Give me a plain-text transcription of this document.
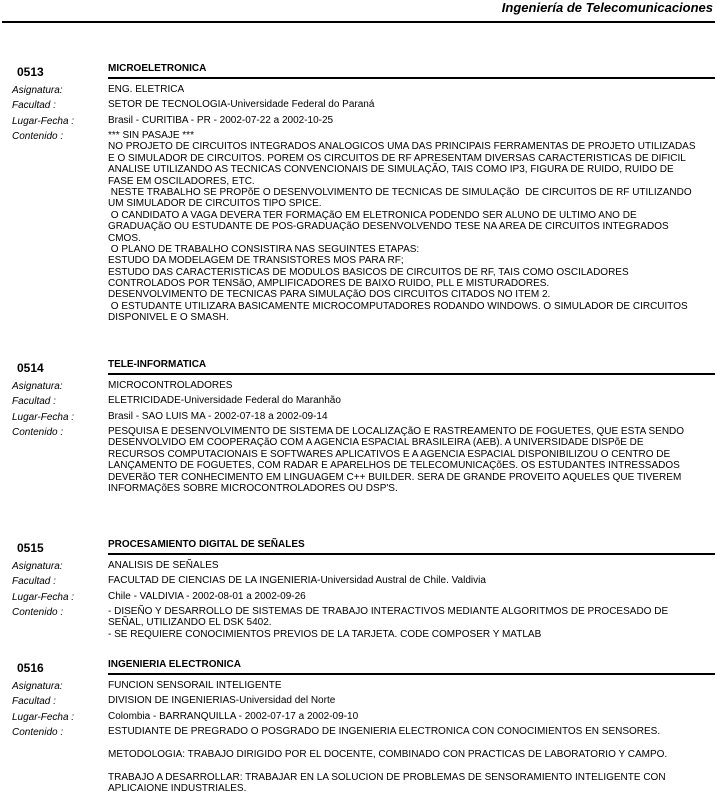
Ingeniería de Telecomunicaciones
0513	MICROELETRONICA
Asignatura:	ENG. ELETRICA
Facultad :	SETOR DE TECNOLOGIA-Universidade Federal do Paraná
Lugar-Fecha :	Brasil - CURITIBA - PR - 2002-07-22 a 2002-10-25
Contenido :	*** SIN PASAJE ***
NO PROJETO DE CIRCUITOS INTEGRADOS ANALOGICOS UMA DAS PRINCIPAIS FERRAMENTAS DE PROJETO UTILIZADAS
E O SIMULADOR DE CIRCUITOS. POREM OS CIRCUITOS DE RF APRESENTAM DIVERSAS CARACTERISTICAS DE DIFICIL
ANALISE UTILIZANDO AS TECNICAS CONVENCIONAIS DE SIMULAÇÃO, TAIS COMO IP3, FIGURA DE RUIDO, RUIDO DE
FASE EM OSCILADORES, ETC.
NESTE TRABALHO SE PROPõE O DESENVOLVIMENTO DE TECNICAS DE SIMULAÇãO  DE CIRCUITOS DE RF UTILIZANDO
UM SIMULADOR DE CIRCUITOS TIPO SPICE.
O CANDIDATO A VAGA DEVERA TER FORMAÇãO EM ELETRONICA PODENDO SER ALUNO DE ULTIMO ANO DE
GRADUAÇãO OU ESTUDANTE DE POS-GRADUAÇãO DESENVOLVENDO TESE NA AREA DE CIRCUITOS INTEGRADOS
CMOS.
O PLANO DE TRABALHO CONSISTIRA NAS SEGUINTES ETAPAS:
ESTUDO DA MODELAGEM DE TRANSISTORES MOS PARA RF;
ESTUDO DAS CARACTERISTICAS DE MODULOS BASICOS DE CIRCUITOS DE RF, TAIS COMO OSCILADORES
CONTROLADOS POR TENSãO, AMPLIFICADORES DE BAIXO RUIDO, PLL E MISTURADORES.
DESENVOLVIMENTO DE TECNICAS PARA SIMULAÇãO DOS CIRCUITOS CITADOS NO ITEM 2.
O ESTUDANTE UTILIZARA BASICAMENTE MICROCOMPUTADORES RODANDO WINDOWS. O SIMULADOR DE CIRCUITOS
DISPONIVEL E O SMASH.
0514	TELE-INFORMATICA
Asignatura:	MICROCONTROLADORES
Facultad :	ELETRICIDADE-Universidade Federal do Maranhão
Lugar-Fecha :	Brasil - SAO LUIS MA - 2002-07-18 a 2002-09-14
Contenido :	PESQUISA E DESENVOLVIMENTO DE SISTEMA DE LOCALIZAÇãO E RASTREAMENTO DE FOGUETES, QUE ESTA SENDO
DESENVOLVIDO EM COOPERAÇãO COM A AGENCIA ESPACIAL BRASILEIRA (AEB). A UNIVERSIDADE DISPõE DE
RECURSOS COMPUTACIONAIS E SOFTWARES APLICATIVOS E A AGENCIA ESPACIAL DISPONIBILIZOU O CENTRO DE
LANÇAMENTO DE FOGUETES, COM RADAR E APARELHOS DE TELECOMUNICAÇõES. OS ESTUDANTES INTRESSADOS
DEVERãO TER CONHECIMENTO EM LINGUAGEM C++ BUILDER. SERA DE GRANDE PROVEITO AQUELES QUE TIVEREM
INFORMAÇõES SOBRE MICROCONTROLADORES OU DSP'S.
0515	PROCESAMIENTO DIGITAL DE SEÑALES
Asignatura:	ANALISIS DE SEÑALES
Facultad :	FACULTAD DE CIENCIAS DE LA INGENIERIA-Universidad Austral de Chile. Valdivia
Lugar-Fecha :	Chile - VALDIVIA - 2002-08-01 a 2002-09-26
Contenido :	- DISEÑO Y DESARROLLO DE SISTEMAS DE TRABAJO INTERACTIVOS MEDIANTE ALGORITMOS DE PROCESADO DE
SEÑAL, UTILIZANDO EL DSK 5402.
- SE REQUIERE CONOCIMIENTOS PREVIOS DE LA TARJETA. CODE COMPOSER Y MATLAB
0516	INGENIERIA ELECTRONICA
Asignatura:	FUNCION SENSORAIL INTELIGENTE
Facultad :	DIVISION DE INGENIERIAS-Universidad del Norte
Lugar-Fecha :	Colombia - BARRANQUILLA - 2002-07-17 a 2002-09-10
Contenido :	ESTUDIANTE DE PREGRADO O POSGRADO DE INGENIERIA ELECTRONICA CON CONOCIMIENTOS EN SENSORES.
METODOLOGIA: TRABAJO DIRIGIDO POR EL DOCENTE, COMBINADO CON PRACTICAS DE LABORATORIO Y CAMPO.
TRABAJO A DESARROLLAR: TRABAJAR EN LA SOLUCION DE PROBLEMAS DE SENSORAMIENTO INTELIGENTE CON
APLICAIONE INDUSTRIALES.
